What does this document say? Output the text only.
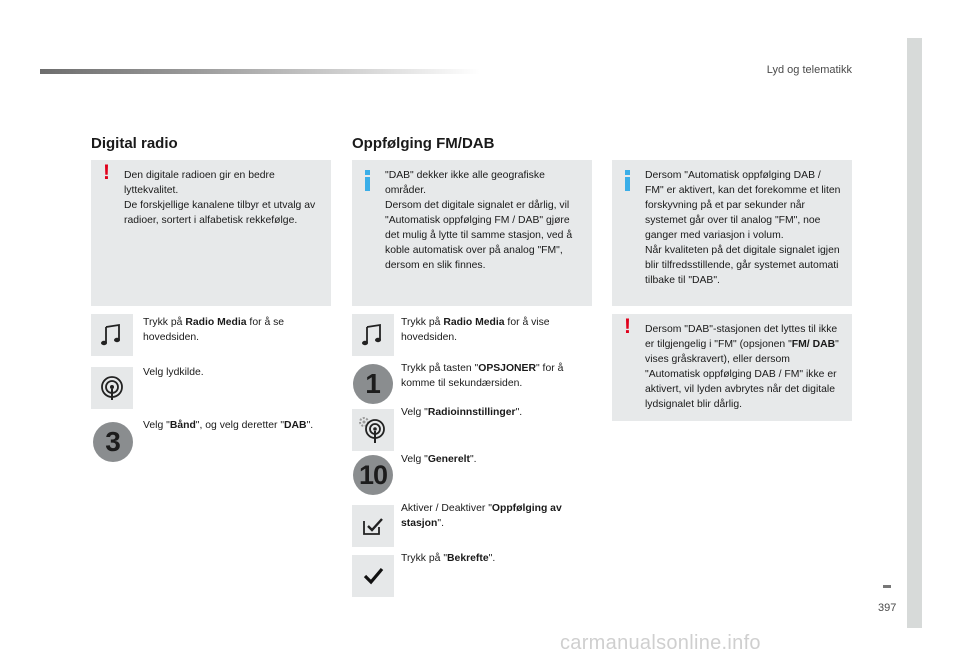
Lyd og telematikk
397
carmanualsonline.info
Digital radio
! Den digitale radioen gir en bedre lyttekvalitet.

De forskjellige kanalene tilbyr et utvalg av radioer, sortert i alfabetisk rekkefølge.

Trykk på Radio Media for å se hovedsiden.
Velg lydkilde.
3
Velg "Bånd", og velg deretter "DAB".
Oppfølging FM/DAB

"DAB" dekker ikke alle geografiske områder.

Dersom det digitale signalet er dårlig, vil "Automatisk oppfølging FM / DAB" gjøre det mulig å lytte til samme stasjon, ved å koble automatisk over på analog "FM", dersom en slik finnes.

Trykk på Radio Media for å vise hovedsiden.
1	Trykk på tasten "OPSJONER" for å komme til sekundærsiden.
Velg "Radioinnstillinger".
10 Velg "Generelt".
Aktiver / Deaktiver "Oppfølging av stasjon".
Trykk på "Bekrefte".

Dersom "Automatisk oppfølging DAB / FM" er aktivert, kan det forekomme et liten forskyvning på et par sekunder når systemet går over til analog "FM", noe ganger med variasjon i volum.

Når kvaliteten på det digitale signalet igjen blir tilfredsstillende, går systemet automati tilbake til "DAB".

! Dersom "DAB"-stasjonen det lyttes til ikke er tilgjengelig i "FM" (opsjonen "FM/ DAB" vises gråskravert), eller dersom "Automatisk oppfølging DAB / FM" ikke er aktivert, vil lyden avbrytes når det digitale lydsignalet blir dårlig.
